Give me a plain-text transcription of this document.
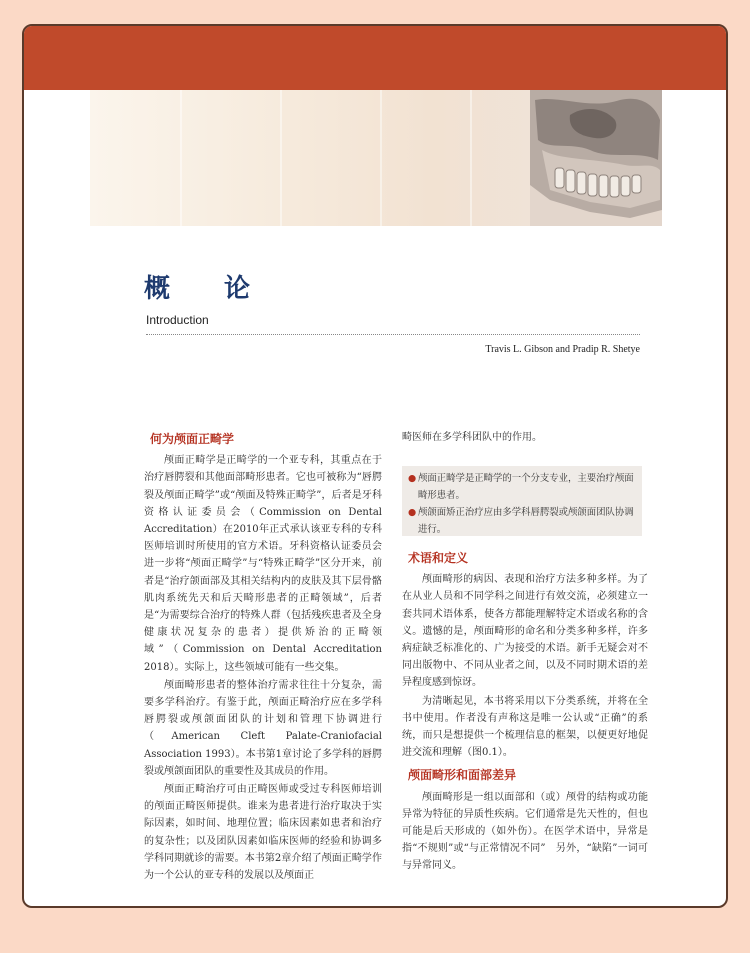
概　论
Introduction
Travis L. Gibson and Pradip R. Shetye
何为颅面正畸学

颅面正畸学是正畸学的一个亚专科，其重点在于治疗唇腭裂和其他面部畸形患者。它也可被称为“唇腭裂及颅面正畸学”或“颅面及特殊正畸学”，后者是牙科资格认证委员会（Commission on Dental Accreditation）在2010年正式承认该亚专科的专科医师培训时所使用的官方术语。牙科资格认证委员会进一步将“颅面正畸学”与“特殊正畸学”区分开来，前者是“治疗颌面部及其相关结构内的皮肤及其下层骨骼肌肉系统先天和后天畸形患者的正畸领域”，后者是“为需要综合治疗的特殊人群（包括残疾患者及全身健康状况复杂的患者）提供矫治的正畸领域”（Commission on Dental Accreditation 2018）。实际上，这些领域可能有一些交集。

颅面畸形患者的整体治疗需求往往十分复杂，需要多学科治疗。有鉴于此，颅面正畸治疗应在多学科唇腭裂或颅颌面团队的计划和管理下协调进行（American Cleft Palate-Craniofacial Association 1993）。本书第1章讨论了多学科的唇腭裂或颅颌面团队的重要性及其成员的作用。

颅面正畸治疗可由正畸医师或受过专科医师培训的颅面正畸医师提供。谁来为患者进行治疗取决于实际因素，如时间、地理位置；临床因素如患者和治疗的复杂性；以及团队因素如临床医师的经验和协调多学科同期就诊的需要。本书第2章介绍了颅面正畸学作为一个公认的亚专科的发展以及颅面正

畸医师在多学科团队中的作用。

● 颅面正畸学是正畸学的一个分支专业，主要治疗颅面畸形患者。
● 颅颌面矫正治疗应由多学科唇腭裂或颅颌面团队协调进行。
术语和定义

颅面畸形的病因、表现和治疗方法多种多样。为了在从业人员和不同学科之间进行有效交流，必须建立一套共同术语体系，使各方都能理解特定术语或名称的含义。遗憾的是，颅面畸形的命名和分类多种多样，许多病症缺乏标准化的、广为接受的术语。新手无疑会对不同出版物中、不同从业者之间，以及不同时期术语的差异程度感到惊讶。

为清晰起见，本书将采用以下分类系统，并将在全书中使用。作者没有声称这是唯一公认或“正确”的系统，而只是想提供一个梳理信息的框架，以便更好地促进交流和理解（图0.1）。

颅面畸形和面部差异

颅面畸形是一组以面部和（或）颅骨的结构或功能异常为特征的异质性疾病。它们通常是先天性的，但也可能是后天形成的（如外伤）。在医学术语中，异常是指“不规则”或“与正常情况不同”　另外，“缺陷”一词可与异常同义。
